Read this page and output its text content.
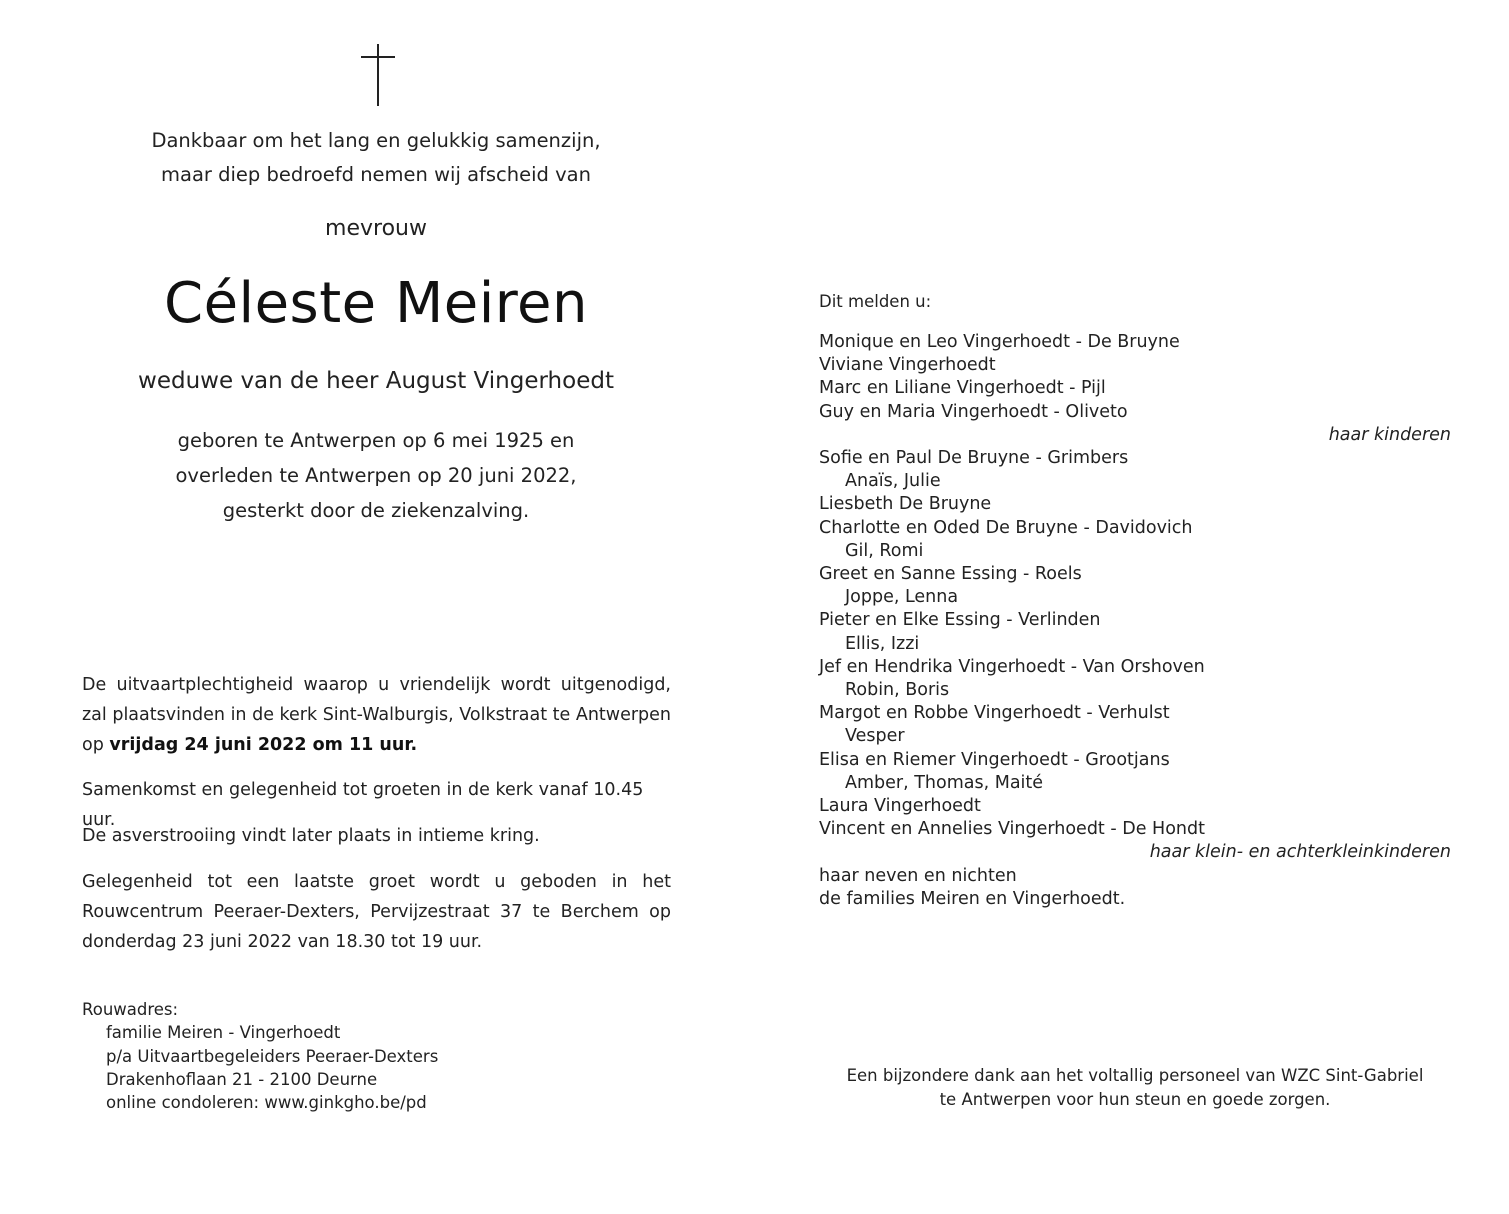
Dankbaar om het lang en gelukkig samenzijn,
maar diep bedroefd nemen wij afscheid van
mevrouw
Céleste Meiren
weduwe van de heer August Vingerhoedt
geboren te Antwerpen op 6 mei 1925 en
overleden te Antwerpen op 20 juni 2022,
gesterkt door de ziekenzalving.
De uitvaartplechtigheid waarop u vriendelijk wordt uitgenodigd, zal plaatsvinden in de kerk Sint-Walburgis, Volkstraat te Antwerpen op vrijdag 24 juni 2022 om 11 uur.
Samenkomst en gelegenheid tot groeten in de kerk vanaf 10.45 uur.
De asverstrooiing vindt later plaats in intieme kring.
Gelegenheid tot een laatste groet wordt u geboden in het Rouwcentrum Peeraer-Dexters, Pervijzestraat 37 te Berchem op donderdag 23 juni 2022 van 18.30 tot 19 uur.
Rouwadres:
familie Meiren - Vingerhoedt
p/a Uitvaartbegeleiders Peeraer-Dexters
Drakenhoflaan 21 - 2100 Deurne
online condoleren: www.ginkgho.be/pd
Dit melden u:
Monique en Leo Vingerhoedt - De Bruyne
Viviane Vingerhoedt
Marc en Liliane Vingerhoedt - Pijl
Guy en Maria Vingerhoedt - Oliveto
haar kinderen
Sofie en Paul De Bruyne - Grimbers
Anaïs, Julie
Liesbeth De Bruyne
Charlotte en Oded De Bruyne - Davidovich
Gil, Romi
Greet en Sanne Essing - Roels
Joppe, Lenna
Pieter en Elke Essing - Verlinden
Ellis, Izzi
Jef en Hendrika Vingerhoedt - Van Orshoven
Robin, Boris
Margot en Robbe Vingerhoedt - Verhulst
Vesper
Elisa en Riemer Vingerhoedt - Grootjans
Amber, Thomas, Maité
Laura Vingerhoedt
Vincent en Annelies Vingerhoedt - De Hondt
haar klein- en achterkleinkinderen
haar neven en nichten
de families Meiren en Vingerhoedt.
Een bijzondere dank aan het voltallig personeel van WZC Sint-Gabriel
te Antwerpen voor hun steun en goede zorgen.
